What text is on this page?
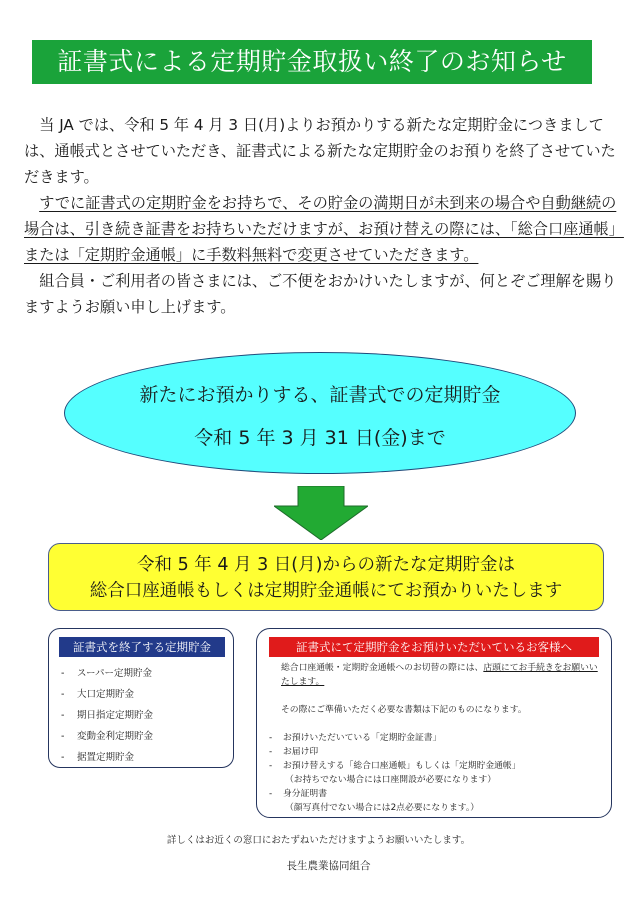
証書式による定期貯金取扱い終了のお知らせ

当 JA では、令和 5 年 4 月 3 日(月)よりお預かりする新たな定期貯金につきましては、通帳式とさせていただき、証書式による新たな定期貯金のお預りを終了させていただきます。

すでに証書式の定期貯金をお持ちで、その貯金の満期日が未到来の場合や自動継続の場合は、引き続き証書をお持ちいただけますが、お預け替えの際には、「総合口座通帳」または「定期貯金通帳」に手数料無料で変更させていただきます。

組合員・ご利用者の皆さまには、ご不便をおかけいたしますが、何とぞご理解を賜りますようお願い申し上げます。

新たにお預かりする、証書式での定期貯金
令和 5 年 3 月 31 日(金)まで
令和 5 年 4 月 3 日(月)からの新たな定期貯金は
総合口座通帳もしくは定期貯金通帳にてお預かりいたします
証書式を終了する定期貯金
- スーパー定期貯金
- 大口定期貯金
- 期日指定定期貯金
- 変動金利定期貯金
- 据置定期貯金
証書式にて定期貯金をお預けいただいているお客様へ
総合口座通帳・定期貯金通帳へのお切替の際には、店頭にてお手続きをお願いいたします。
その際にご準備いただく必要な書類は下記のものになります。
- お預けいただいている「定期貯金証書」
- お届け印
- お預け替えする「総合口座通帳」もしくは「定期貯金通帳」
（お持ちでない場合には口座開設が必要になります）
- 身分証明書
（顔写真付でない場合には2点必要になります。）
詳しくはお近くの窓口におたずねいただけますようお願いいたします。
長生農業協同組合
